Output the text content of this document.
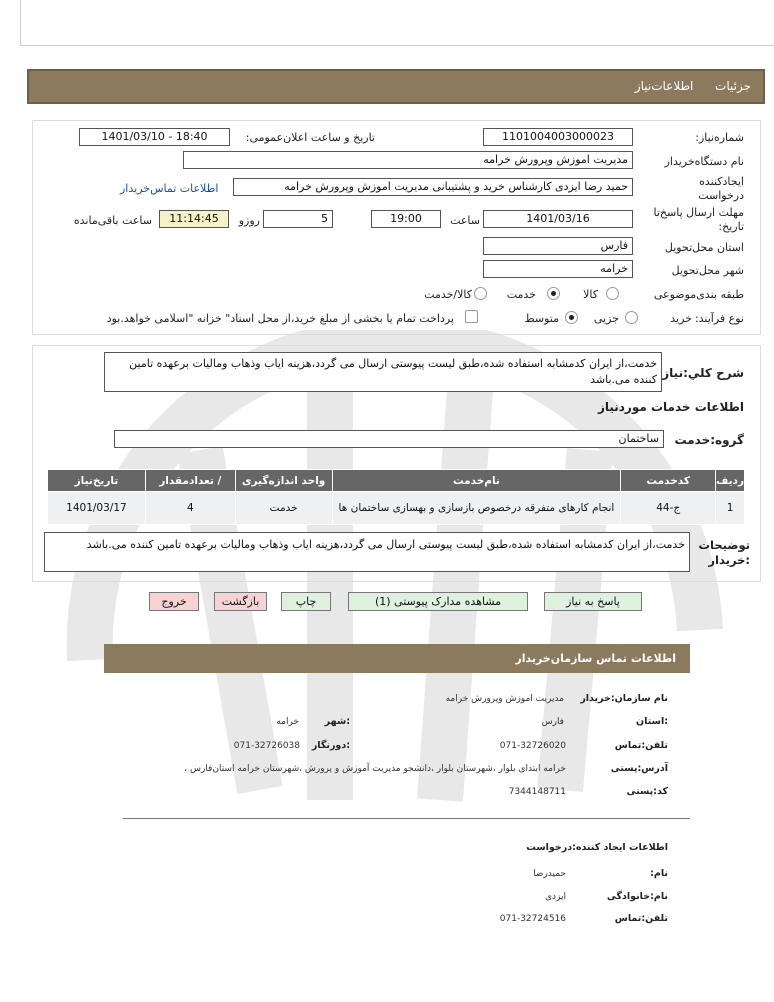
جزئیات  اطلاعات‌نیاز
شماره‌نیاز:
1101004003000023
تاریخ و ساعت اعلان‌عمومی:
1401/03/10 - 18:40
نام دستگاه‌خریدار
مدیریت اموزش وپرورش خرامه
ایجادکننده درخواست
حمید رضا ایزدی کارشناس خرید و پشتیبانی مدیریت اموزش وپرورش خرامه
اطلاعات تماس‌خریدار
مهلت ارسال پاسخ‌تا تاریخ:
1401/03/16
ساعت
19:00
5
روزو
11:14:45
ساعت باقی‌مانده
استان محل‌تحویل
فارس
شهر محل‌تحویل
خرامه
طبقه بندی‌موضوعی
کالا
خدمت
کالا/خدمت
نوع فرآیند:
خرید
جزیی
متوسط
پرداخت تمام یا بخشی از مبلغ خرید،از محل اسناد" خزانه "اسلامی خواهد.بود
شرح کلي:نیاز
خدمت،از ایران کدمشابه استفاده شده،طبق لیست پیوستی ارسال می گردد،هزینه ایاب وذهاب ومالیات برعهده تامین کننده می.باشد
اطلاعات خدمات موردنیاز
گروه:خدمت
ساختمان
ردیف	کدخدمت	نام‌خدمت	واحد اندازه‌گیری	/ تعدادمقدار	تاریخ‌نیاز
1	ج-44	انجام کارهای متفرقه درخصوص بازسازی و بهسازی ساختمان ها	خدمت	4	1401/03/17
توضیحات :خریدار
خدمت،از ایران کدمشابه استفاده شده،طبق لیست پیوستی ارسال می گردد،هزینه ایاب وذهاب ومالیات برعهده تامین کننده می.باشد
پاسخ به نیاز
مشاهده مدارک پیوستی (1)
چاپ
بازگشت
خروج
اطلاعات تماس سازمان‌خریدار
نام سازمان:خریدار
مدیریت اموزش وپرورش خرامه
:استان
فارس
:شهر
خرامه
تلفن:تماس
071-32726020
:دورنگار
071-32726038
آدرس:پستی
خرامه ابتدای بلوار ،شهرستان بلوار ،دانشجو مدیریت آموزش و پرورش ،شهرستان خرامه استان‌فارس ،
کد:پستی
7344148711
اطلاعات ایجاد کننده:درخواست
نام:
حمیدرضا
نام:خانوادگی
ایزدی
تلفن:تماس
071-32724516
